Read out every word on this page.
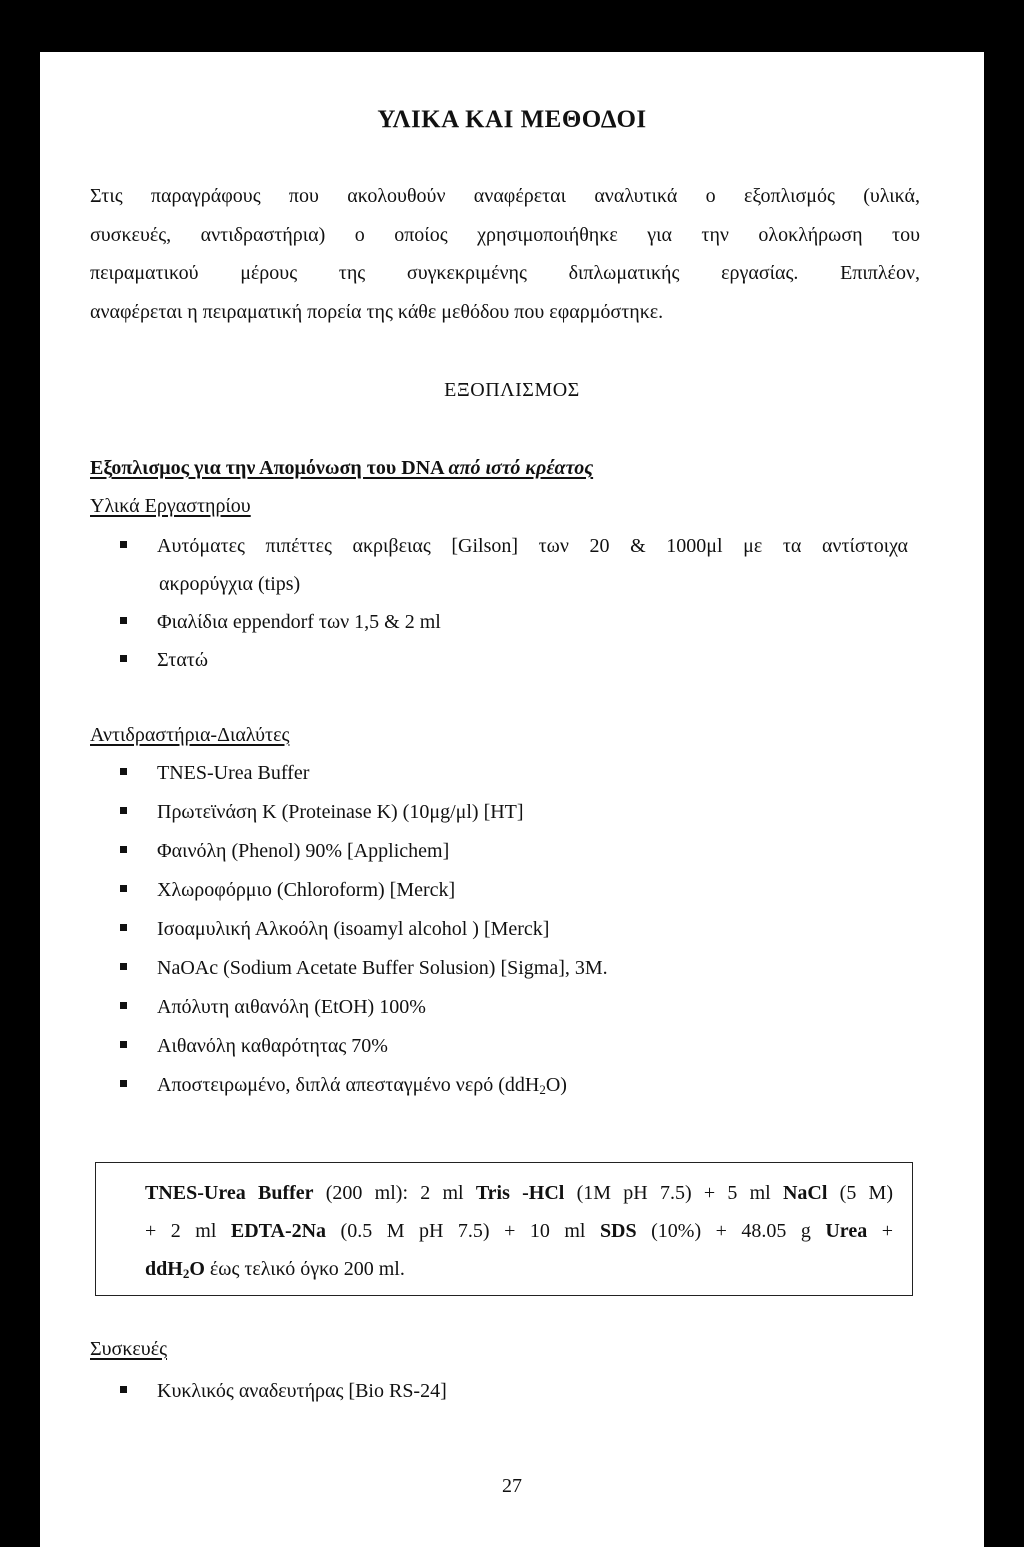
ΥΛΙΚΑ ΚΑΙ ΜΕΘΟΔΟΙ
Στις παραγράφους που ακολουθούν αναφέρεται αναλυτικά ο εξοπλισμός (υλικά,
συσκευές, αντιδραστήρια) ο οποίος χρησιμοποιήθηκε για την ολοκλήρωση του
πειραματικού μέρους της συγκεκριμένης διπλωματικής εργασίας. Επιπλέον,
αναφέρεται η πειραματική πορεία της κάθε μεθόδου που εφαρμόστηκε.
ΕΞΟΠΛΙΣΜΟΣ
Εξοπλισμος για την Απομόνωση του DNA από ιστό κρέατος
Υλικά Εργαστηρίου
Αυτόματες πιπέττες ακριβειας [Gilson] των 20 & 1000μl με τα αντίστοιχα
ακρορύγχια (tips)
Φιαλίδια eppendorf των 1,5 & 2 ml
Στατώ
Αντιδραστήρια-Διαλύτες
TNES-Urea Buffer
Πρωτεϊνάση Κ (Proteinase K) (10μg/μl) [HT]
Φαινόλη (Phenol) 90% [Applichem]
Χλωροφόρμιο (Chloroform) [Merck]
Ισοαμυλική Αλκοόλη (isoamyl alcohol ) [Merck]
NaOAc (Sodium Acetate Buffer Solusion) [Sigma], 3M.
Απόλυτη αιθανόλη (EtOH) 100%
Αιθανόλη καθαρότητας 70%
Αποστειρωμένο, διπλά απεσταγμένο νερό (ddH$_2$O)
TNES-Urea Buffer (200 ml): 2 ml Tris -HCl (1M pH 7.5) + 5 ml NaCl (5 M)
+ 2 ml EDTA-2Na (0.5 M pH 7.5) + 10 ml SDS (10%) + 48.05 g Urea +
ddH$_2$O έως τελικό όγκο 200 ml.
Συσκευές
Κυκλικός αναδευτήρας [Bio RS-24]
27
